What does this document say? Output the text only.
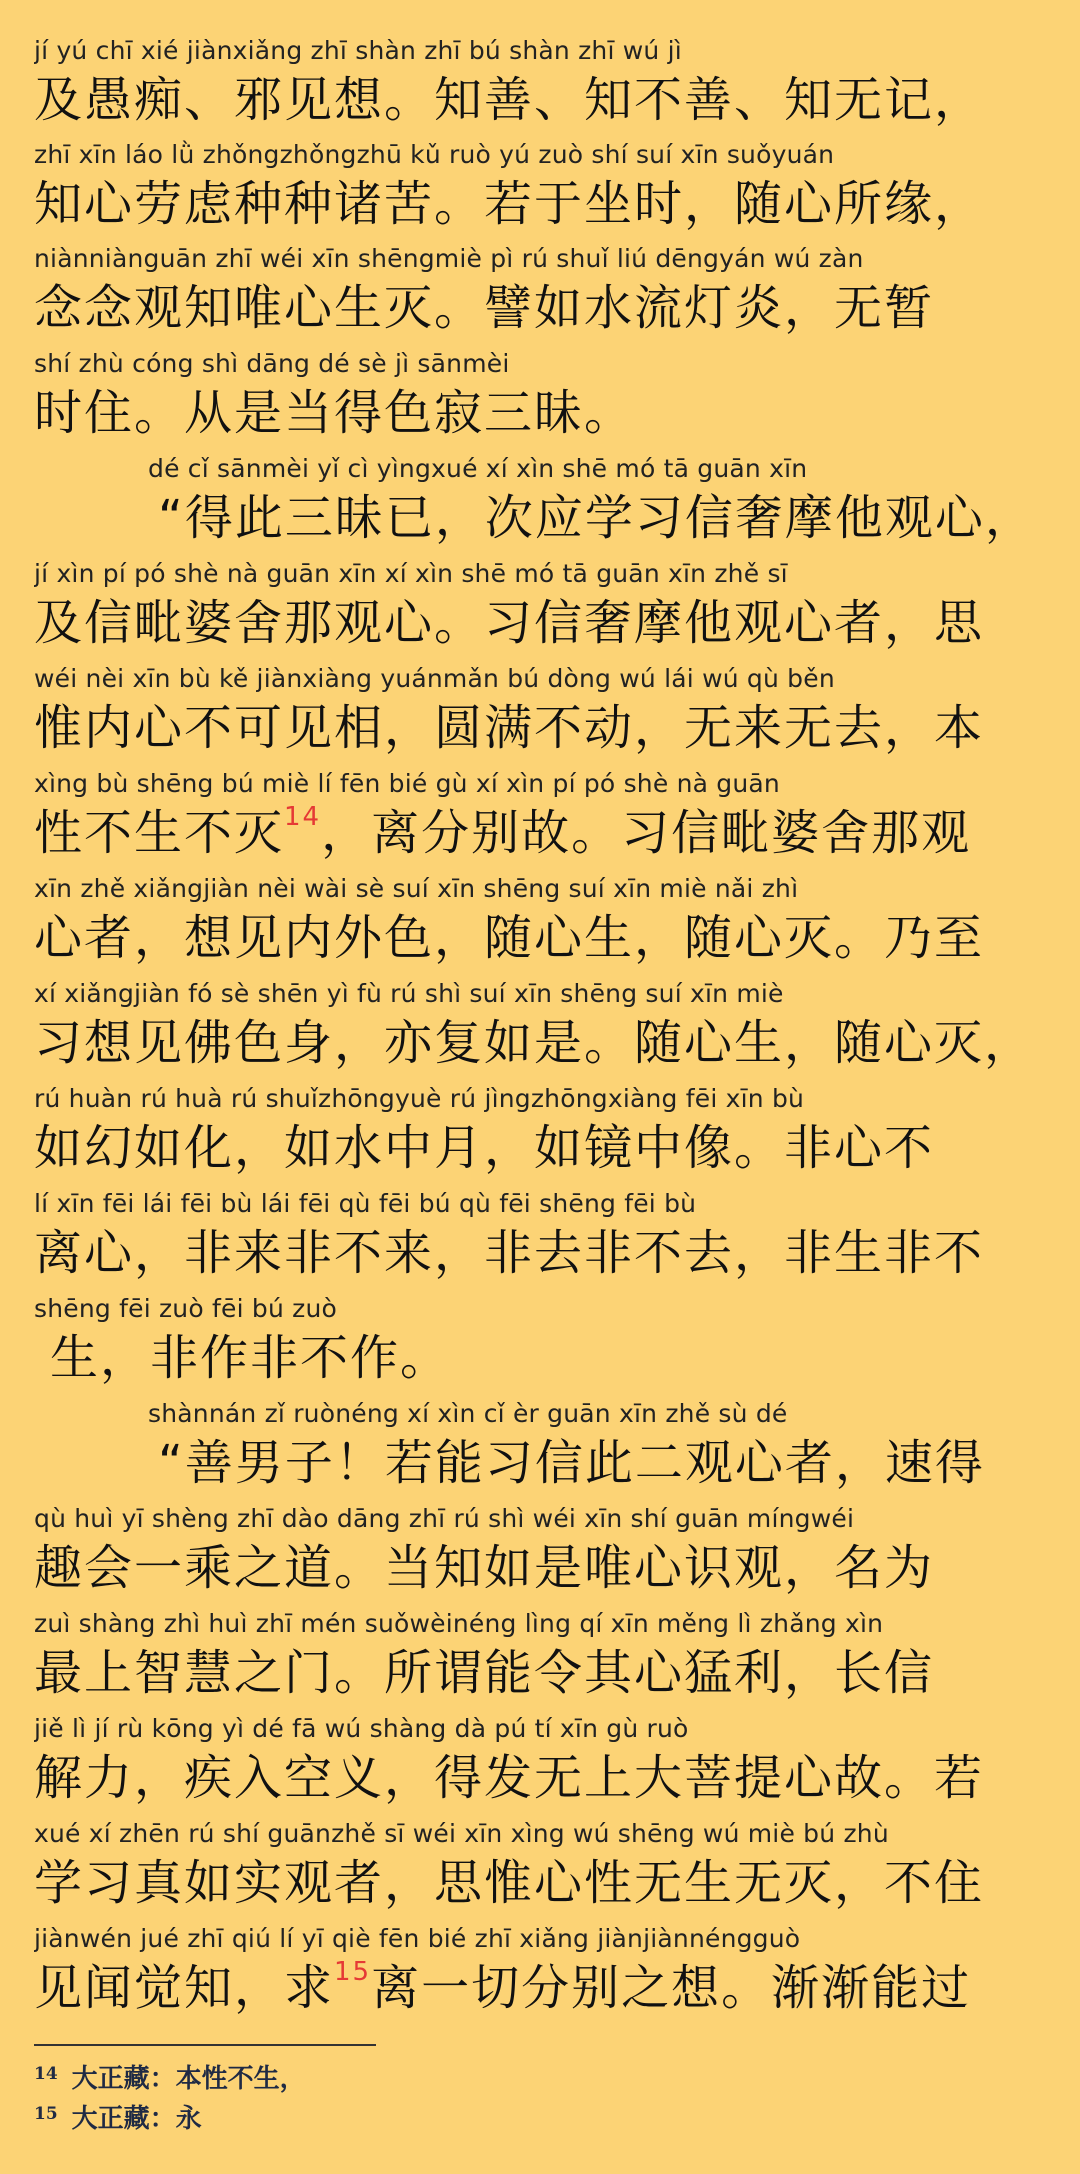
jí yú chī xié jiànxiǎng zhī shàn zhī bú shàn zhī wú jì
及愚痴、邪见想。知善、知不善、知无记，
zhī xīn láo lǜ zhǒngzhǒngzhū kǔ ruò yú zuò shí suí xīn suǒyuán
知心劳虑种种诸苦。若于坐时，随心所缘，
niànniànguān zhī wéi xīn shēngmiè pì rú shuǐ liú dēngyán wú zàn
念念观知唯心生灭。譬如水流灯炎，无暂
shí zhù cóng shì dāng dé sè jì sānmèi
时住。从是当得色寂三昧。
dé cǐ sānmèi yǐ cì yìngxué xí xìn shē mó tā guān xīn
“得此三昧已，次应学习信奢摩他观心，
jí xìn pí pó shè nà guān xīn xí xìn shē mó tā guān xīn zhě sī
及信毗婆舍那观心。习信奢摩他观心者，思
wéi nèi xīn bù kě jiànxiàng yuánmǎn bú dòng wú lái wú qù běn
惟内心不可见相，圆满不动，无来无去，本
xìng bù shēng bú miè lí fēn bié gù xí xìn pí pó shè nà guān
性不生不灭$^{14}$，离分别故。习信毗婆舍那观
xīn zhě xiǎngjiàn nèi wài sè suí xīn shēng suí xīn miè nǎi zhì
心者，想见内外色，随心生，随心灭。乃至
xí xiǎngjiàn fó sè shēn yì fù rú shì suí xīn shēng suí xīn miè
习想见佛色身，亦复如是。随心生，随心灭，
rú huàn rú huà rú shuǐzhōngyuè rú jìngzhōngxiàng fēi xīn bù
如幻如化，如水中月，如镜中像。非心不
lí xīn fēi lái fēi bù lái fēi qù fēi bú qù fēi shēng fēi bù
离心，非来非不来，非去非不去，非生非不
shēng fēi zuò fēi bú zuò
生，非作非不作。
shànnán zǐ ruònéng xí xìn cǐ èr guān xīn zhě sù dé
“善男子！若能习信此二观心者，速得
qù huì yī shèng zhī dào dāng zhī rú shì wéi xīn shí guān míngwéi
趣会一乘之道。当知如是唯心识观，名为
zuì shàng zhì huì zhī mén suǒwèinéng lìng qí xīn měng lì zhǎng xìn
最上智慧之门。所谓能令其心猛利，长信
jiě lì jí rù kōng yì dé fā wú shàng dà pú tí xīn gù ruò
解力，疾入空义，得发无上大菩提心故。若
xué xí zhēn rú shí guānzhě sī wéi xīn xìng wú shēng wú miè bú zhù
学习真如实观者，思惟心性无生无灭，不住
jiànwén jué zhī qiú lí yī qiè fēn bié zhī xiǎng jiànjiànnéngguò
见闻觉知，求$^{15}$离一切分别之想。渐渐能过
14 大正藏：本性不生，
15 大正藏：永
